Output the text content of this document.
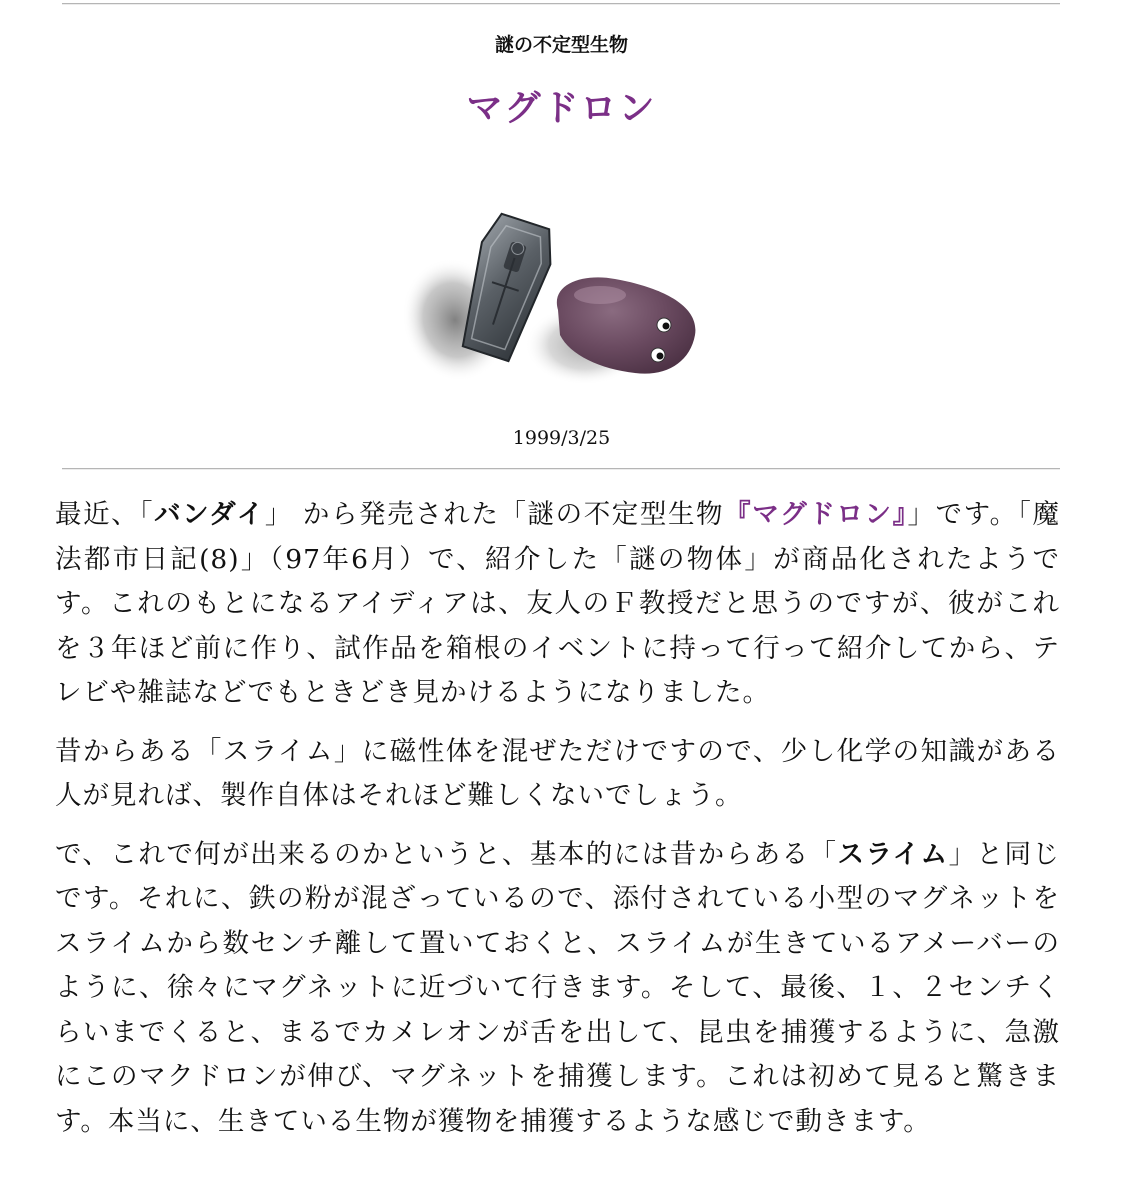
謎の不定型生物
マグドロン
1999/3/25

最近、「バンダイ」 から発売された「謎の不定型生物『マグドロン』」です。「魔法都市日記(8)」（97年6月）で、紹介した「謎の物体」が商品化されたようです。これのもとになるアイディアは、友人のＦ教授だと思うのですが、彼がこれを３年ほど前に作り、試作品を箱根のイベントに持って行って紹介してから、テレビや雑誌などでもときどき見かけるようになりました。

昔からある「スライム」に磁性体を混ぜただけですので、少し化学の知識がある人が見れば、製作自体はそれほど難しくないでしょう。

で、これで何が出来るのかというと、基本的には昔からある「スライム」と同じです。それに、鉄の粉が混ざっているので、添付されている小型のマグネットをスライムから数センチ離して置いておくと、スライムが生きているアメーバーのように、徐々にマグネットに近づいて行きます。そして、最後、１、２センチくらいまでくると、まるでカメレオンが舌を出して、昆虫を捕獲するように、急激にこのマクドロンが伸び、マグネットを捕獲します。これは初めて見ると驚きます。本当に、生きている生物が獲物を捕獲するような感じで動きます。
